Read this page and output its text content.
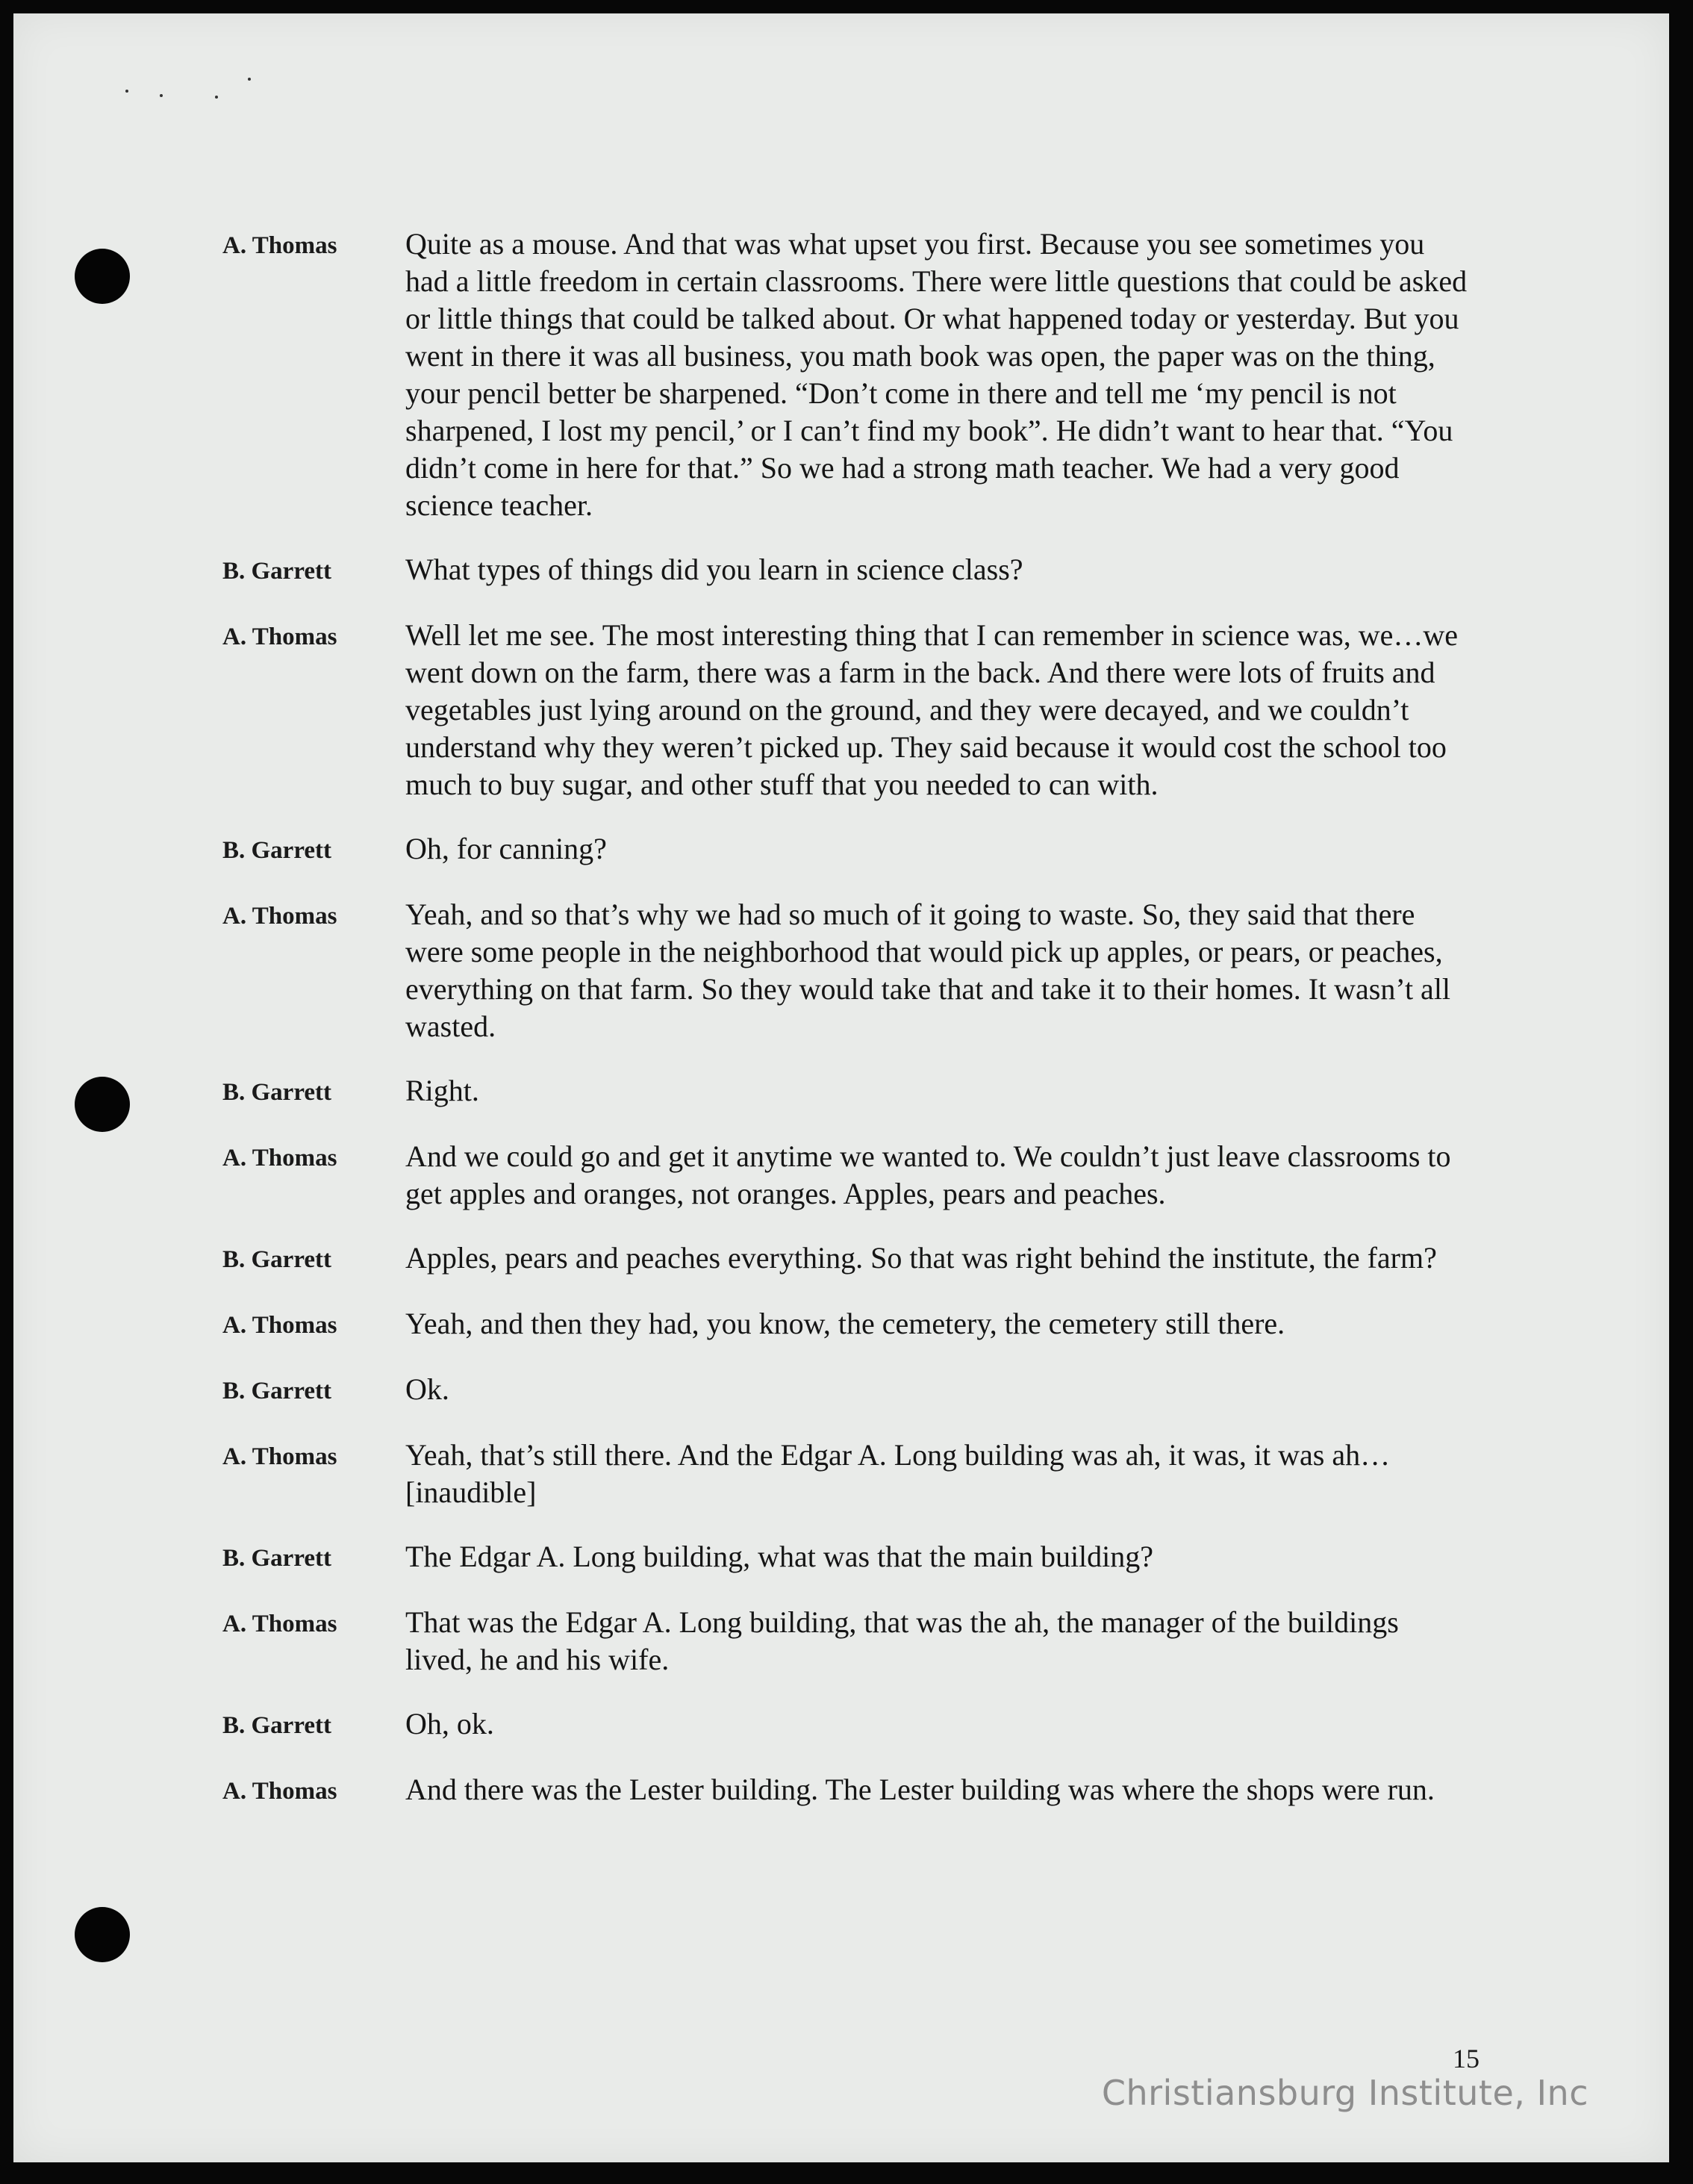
A. Thomas	Quite as a mouse. And that was what upset you first. Because you see sometimes you had a little freedom in certain classrooms. There were little questions that could be asked or little things that could be talked about. Or what happened today or yesterday. But you went in there it was all business, you math book was open, the paper was on the thing, your pencil better be sharpened. “Don’t come in there and tell me ‘my pencil is not sharpened, I lost my pencil,’ or I can’t find my book”. He didn’t want to hear that. “You didn’t come in here for that.” So we had a strong math teacher. We had a very good science teacher.
B. Garrett	What types of things did you learn in science class?
A. Thomas	Well let me see. The most interesting thing that I can remember in science was, we…we went down on the farm, there was a farm in the back. And there were lots of fruits and vegetables just lying around on the ground, and they were decayed, and we couldn’t understand why they weren’t picked up. They said because it would cost the school too much to buy sugar, and other stuff that you needed to can with.
B. Garrett	Oh, for canning?
A. Thomas	Yeah, and so that’s why we had so much of it going to waste. So, they said that there were some people in the neighborhood that would pick up apples, or pears, or peaches, everything on that farm. So they would take that and take it to their homes. It wasn’t all wasted.
B. Garrett	Right.
A. Thomas	And we could go and get it anytime we wanted to. We couldn’t just leave classrooms to get apples and oranges, not oranges. Apples, pears and peaches.
B. Garrett	Apples, pears and peaches everything. So that was right behind the institute, the farm?
A. Thomas	Yeah, and then they had, you know, the cemetery, the cemetery still there.
B. Garrett	Ok.
A. Thomas	Yeah, that’s still there. And the Edgar A. Long building was ah, it was, it was ah…[inaudible]
B. Garrett	The Edgar A. Long building, what was that the main building?
A. Thomas	That was the Edgar A. Long building, that was the ah, the manager of the buildings lived, he and his wife.
B. Garrett	Oh, ok.
A. Thomas	And there was the Lester building. The Lester building was where the shops were run.
15
Christiansburg Institute, Inc
